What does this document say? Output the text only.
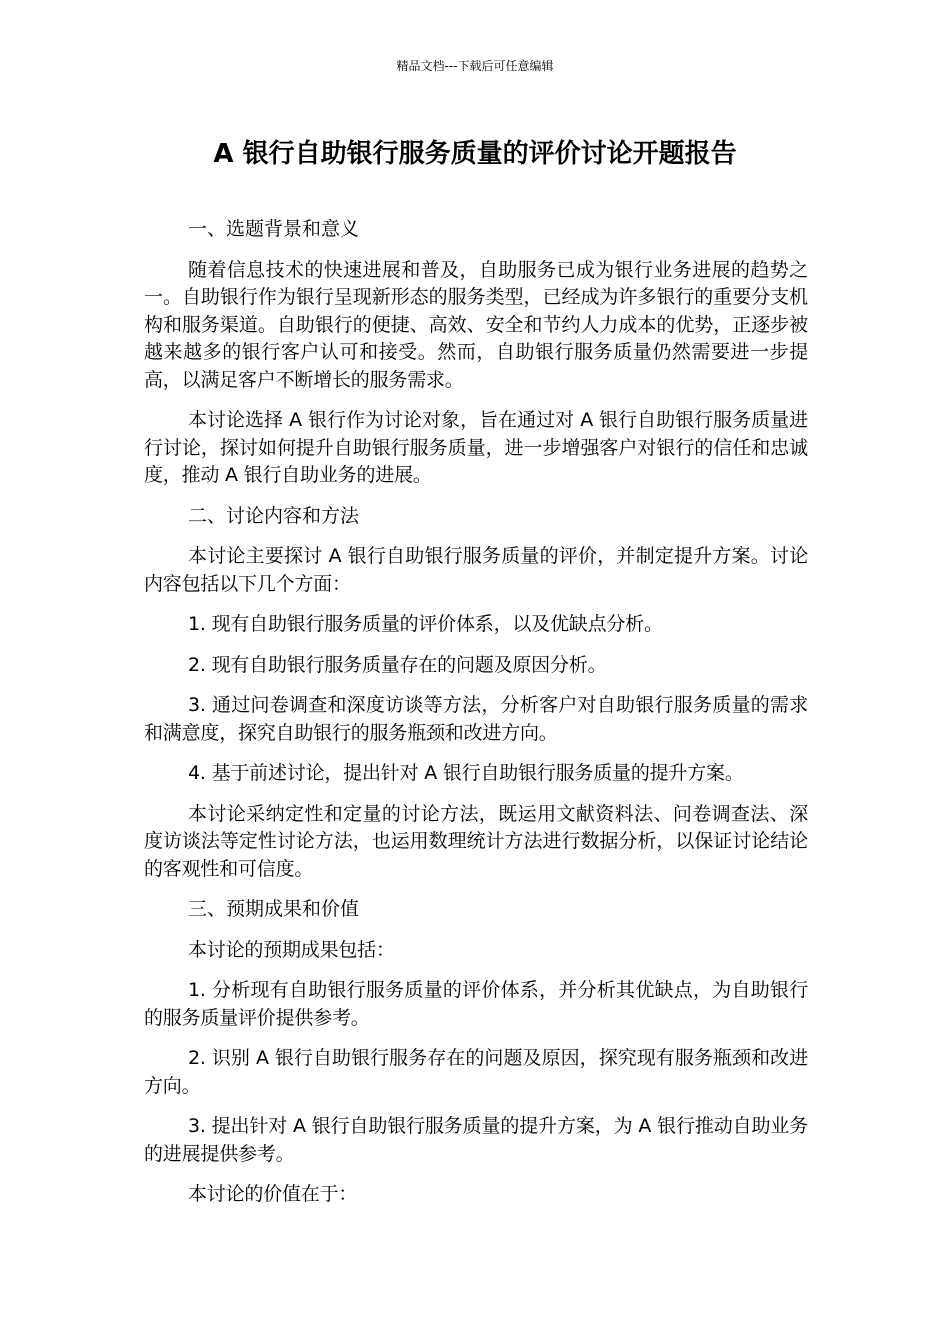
精品文档---下载后可任意编辑
A 银行自助银行服务质量的评价讨论开题报告

一、选题背景和意义

随着信息技术的快速进展和普及，自助服务已成为银行业务进展的趋势之一。自助银行作为银行呈现新形态的服务类型，已经成为许多银行的重要分支机构和服务渠道。自助银行的便捷、高效、安全和节约人力成本的优势，正逐步被越来越多的银行客户认可和接受。然而，自助银行服务质量仍然需要进一步提高，以满足客户不断增长的服务需求。

本讨论选择 A 银行作为讨论对象，旨在通过对 A 银行自助银行服务质量进行讨论，探讨如何提升自助银行服务质量，进一步增强客户对银行的信任和忠诚度，推动 A 银行自助业务的进展。

二、讨论内容和方法

本讨论主要探讨 A 银行自助银行服务质量的评价，并制定提升方案。讨论内容包括以下几个方面：

1. 现有自助银行服务质量的评价体系，以及优缺点分析。

2. 现有自助银行服务质量存在的问题及原因分析。

3. 通过问卷调查和深度访谈等方法，分析客户对自助银行服务质量的需求和满意度，探究自助银行的服务瓶颈和改进方向。

4. 基于前述讨论，提出针对 A 银行自助银行服务质量的提升方案。

本讨论采纳定性和定量的讨论方法，既运用文献资料法、问卷调查法、深度访谈法等定性讨论方法，也运用数理统计方法进行数据分析，以保证讨论结论的客观性和可信度。

三、预期成果和价值

本讨论的预期成果包括：

1. 分析现有自助银行服务质量的评价体系，并分析其优缺点，为自助银行的服务质量评价提供参考。

2. 识别 A 银行自助银行服务存在的问题及原因，探究现有服务瓶颈和改进方向。

3. 提出针对 A 银行自助银行服务质量的提升方案，为 A 银行推动自助业务的进展提供参考。

本讨论的价值在于：
